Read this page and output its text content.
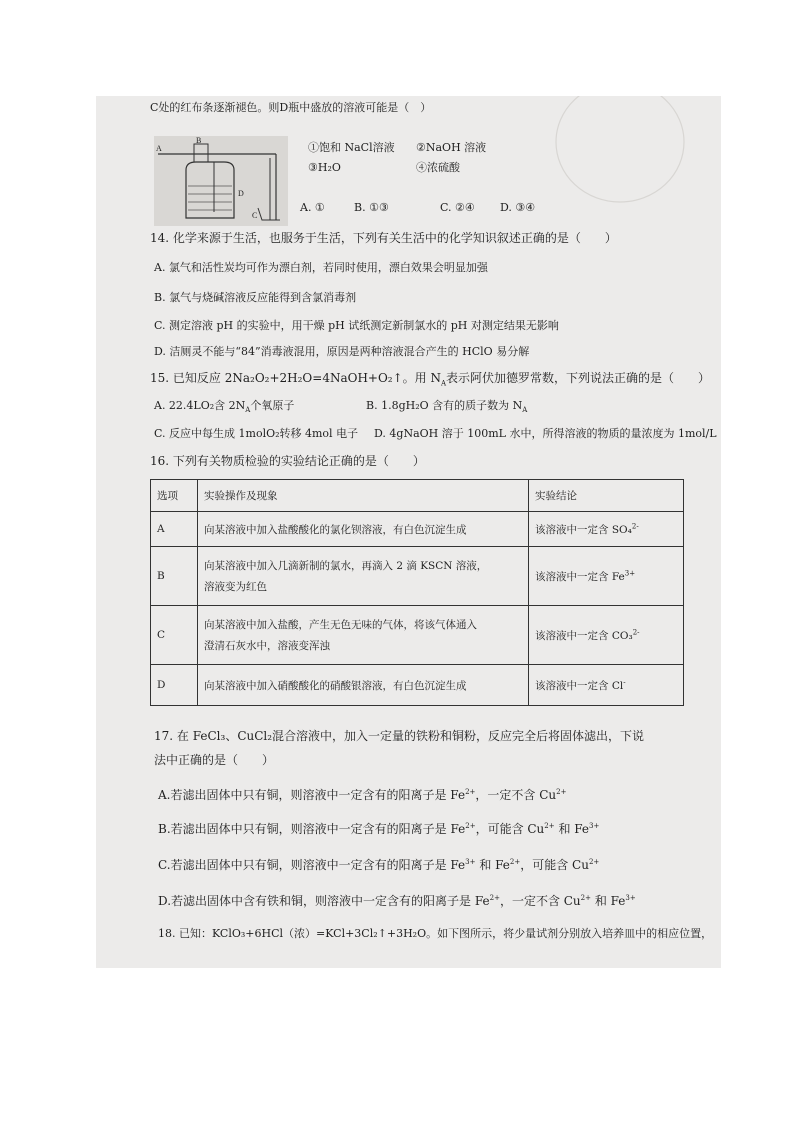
C处的红布条逐渐褪色。则D瓶中盛放的溶液可能是（　）
A
B
C
D
①饱和 NaCl溶液 ②NaOH 溶液
③H₂O	④浓硫酸
A. ①	B. ①③	C. ②④ D. ③④
14. 化学来源于生活，也服务于生活，下列有关生活中的化学知识叙述正确的是（　　）
A. 氯气和活性炭均可作为漂白剂，若同时使用，漂白效果会明显加强
B. 氯气与烧碱溶液反应能得到含氯消毒剂
C. 测定溶液 pH 的实验中，用干燥 pH 试纸测定新制氯水的 pH 对测定结果无影响
D. 洁厕灵不能与“84”消毒液混用，原因是两种溶液混合产生的 HClO 易分解
15. 已知反应 2Na₂O₂+2H₂O=4NaOH+O₂↑。用 $N_A$表示阿伏加德罗常数，下列说法正确的是（　　）
A. 22.4LO₂含 $2N_A$个氧原子	B. 1.8gH₂O 含有的质子数为 $N_A$
C. 反应中每生成 1molO₂转移 4mol 电子 D. 4gNaOH 溶于 100mL 水中，所得溶液的物质的量浓度为 1mol/L
16. 下列有关物质检验的实验结论正确的是（　　）
选项	实验操作及现象	实验结论
A	向某溶液中加入盐酸酸化的氯化钡溶液，有白色沉淀生成	该溶液中一定含 SO₄$^{2-}$
B	向某溶液中加入几滴新制的氯水，再滴入 2 滴 KSCN 溶液，
溶液变为红色	该溶液中一定含 $Fe^{3+}$
C	向某溶液中加入盐酸，产生无色无味的气体，将该气体通入
澄清石灰水中，溶液变浑浊	该溶液中一定含 CO₃$^{2-}$
D	向某溶液中加入硝酸酸化的硝酸银溶液，有白色沉淀生成	该溶液中一定含 Cl-
17. 在 FeCl₃、CuCl₂混合溶液中，加入一定量的铁粉和铜粉，反应完全后将固体滤出，下说
法中正确的是（　　）
A.若滤出固体中只有铜，则溶液中一定含有的阳离子是 $Fe^{2+}$，一定不含 $Cu^{2+}$
B.若滤出固体中只有铜，则溶液中一定含有的阳离子是 $Fe^{2+}$，可能含 $Cu^{2+}$ 和 $Fe^{3+}$
C.若滤出固体中只有铜，则溶液中一定含有的阳离子是 $Fe^{3+}$ 和 $Fe^{2+}$，可能含 $Cu^{2+}$
D.若滤出固体中含有铁和铜，则溶液中一定含有的阳离子是 $Fe^{2+}$，一定不含 $Cu^{2+}$ 和 $Fe^{3+}$
18. 已知：KClO₃+6HCl（浓）=KCl+3Cl₂↑+3H₂O。如下图所示，将少量试剂分别放入培养皿中的相应位置，
